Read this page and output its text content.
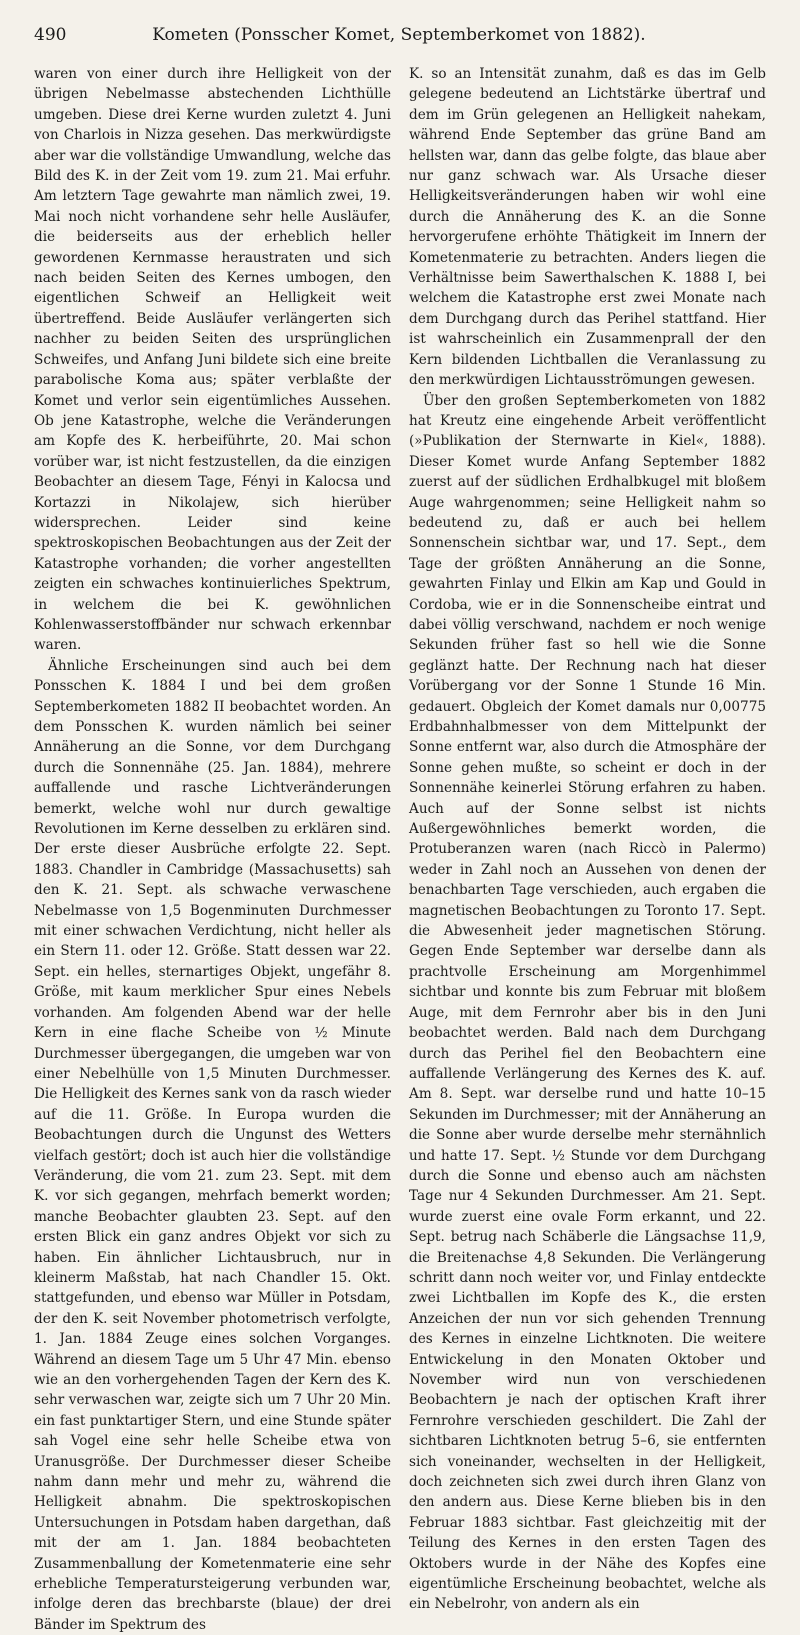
490	Kometen (Ponsscher Komet, Septemberkomet von 1882).

waren von einer durch ihre Helligkeit von der übrigen Nebelmasse abstechenden Lichthülle umgeben. Diese drei Kerne wurden zuletzt 4. Juni von Charlois in Nizza gesehen. Das merkwürdigste aber war die vollständige Umwandlung, welche das Bild des K. in der Zeit vom 19. zum 21. Mai erfuhr. Am letztern Tage gewahrte man nämlich zwei, 19. Mai noch nicht vorhandene sehr helle Ausläufer, die beiderseits aus der erheblich heller gewordenen Kernmasse heraustraten und sich nach beiden Seiten des Kernes umbogen, den eigentlichen Schweif an Helligkeit weit übertreffend. Beide Ausläufer verlängerten sich nachher zu beiden Seiten des ursprünglichen Schweifes, und Anfang Juni bildete sich eine breite parabolische Koma aus; später verblaßte der Komet und verlor sein eigentümliches Aussehen. Ob jene Katastrophe, welche die Veränderungen am Kopfe des K. herbeiführte, 20. Mai schon vorüber war, ist nicht festzustellen, da die einzigen Beobachter an diesem Tage, Fényi in Kalocsa und Kortazzi in Nikolajew, sich hierüber widersprechen. Leider sind keine spektroskopischen Beobachtungen aus der Zeit der Katastrophe vorhanden; die vorher angestellten zeigten ein schwaches kontinuierliches Spektrum, in welchem die bei K. gewöhnlichen Kohlenwasserstoffbänder nur schwach erkennbar waren.

Ähnliche Erscheinungen sind auch bei dem Ponsschen K. 1884 I und bei dem großen Septemberkometen 1882 II beobachtet worden. An dem Ponsschen K. wurden nämlich bei seiner Annäherung an die Sonne, vor dem Durchgang durch die Sonnennähe (25. Jan. 1884), mehrere auffallende und rasche Lichtveränderungen bemerkt, welche wohl nur durch gewaltige Revolutionen im Kerne desselben zu erklären sind. Der erste dieser Ausbrüche erfolgte 22. Sept. 1883. Chandler in Cambridge (Massachusetts) sah den K. 21. Sept. als schwache verwaschene Nebelmasse von 1,5 Bogenminuten Durchmesser mit einer schwachen Verdichtung, nicht heller als ein Stern 11. oder 12. Größe. Statt dessen war 22. Sept. ein helles, sternartiges Objekt, ungefähr 8. Größe, mit kaum merklicher Spur eines Nebels vorhanden. Am folgenden Abend war der helle Kern in eine flache Scheibe von ½ Minute Durchmesser übergegangen, die umgeben war von einer Nebelhülle von 1,5 Minuten Durchmesser. Die Helligkeit des Kernes sank von da rasch wieder auf die 11. Größe. In Europa wurden die Beobachtungen durch die Ungunst des Wetters vielfach gestört; doch ist auch hier die vollständige Veränderung, die vom 21. zum 23. Sept. mit dem K. vor sich gegangen, mehrfach bemerkt worden; manche Beobachter glaubten 23. Sept. auf den ersten Blick ein ganz andres Objekt vor sich zu haben. Ein ähnlicher Lichtausbruch, nur in kleinerm Maßstab, hat nach Chandler 15. Okt. stattgefunden, und ebenso war Müller in Potsdam, der den K. seit November photometrisch verfolgte, 1. Jan. 1884 Zeuge eines solchen Vorganges. Während an diesem Tage um 5 Uhr 47 Min. ebenso wie an den vorhergehenden Tagen der Kern des K. sehr verwaschen war, zeigte sich um 7 Uhr 20 Min. ein fast punktartiger Stern, und eine Stunde später sah Vogel eine sehr helle Scheibe etwa von Uranusgröße. Der Durchmesser dieser Scheibe nahm dann mehr und mehr zu, während die Helligkeit abnahm. Die spektroskopischen Untersuchungen in Potsdam haben dargethan, daß mit der am 1. Jan. 1884 beobachteten Zusammenballung der Kometenmaterie eine sehr erhebliche Temperatursteigerung verbunden war, infolge deren das brechbarste (blaue) der drei Bänder im Spektrum des

K. so an Intensität zunahm, daß es das im Gelb gelegene bedeutend an Lichtstärke übertraf und dem im Grün gelegenen an Helligkeit nahekam, während Ende September das grüne Band am hellsten war, dann das gelbe folgte, das blaue aber nur ganz schwach war. Als Ursache dieser Helligkeitsveränderungen haben wir wohl eine durch die Annäherung des K. an die Sonne hervorgerufene erhöhte Thätigkeit im Innern der Kometenmaterie zu betrachten. Anders liegen die Verhältnisse beim Sawerthalschen K. 1888 I, bei welchem die Katastrophe erst zwei Monate nach dem Durchgang durch das Perihel stattfand. Hier ist wahrscheinlich ein Zusammenprall der den Kern bildenden Lichtballen die Veranlassung zu den merkwürdigen Lichtausströmungen gewesen.

Über den großen Septemberkometen von 1882 hat Kreutz eine eingehende Arbeit veröffentlicht (»Publikation der Sternwarte in Kiel«, 1888). Dieser Komet wurde Anfang September 1882 zuerst auf der südlichen Erdhalbkugel mit bloßem Auge wahrgenommen; seine Helligkeit nahm so bedeutend zu, daß er auch bei hellem Sonnenschein sichtbar war, und 17. Sept., dem Tage der größten Annäherung an die Sonne, gewahrten Finlay und Elkin am Kap und Gould in Cordoba, wie er in die Sonnenscheibe eintrat und dabei völlig verschwand, nachdem er noch wenige Sekunden früher fast so hell wie die Sonne geglänzt hatte. Der Rechnung nach hat dieser Vorübergang vor der Sonne 1 Stunde 16 Min. gedauert. Obgleich der Komet damals nur 0,00775 Erdbahnhalbmesser von dem Mittelpunkt der Sonne entfernt war, also durch die Atmosphäre der Sonne gehen mußte, so scheint er doch in der Sonnennähe keinerlei Störung erfahren zu haben. Auch auf der Sonne selbst ist nichts Außergewöhnliches bemerkt worden, die Protuberanzen waren (nach Riccò in Palermo) weder in Zahl noch an Aussehen von denen der benachbarten Tage verschieden, auch ergaben die magnetischen Beobachtungen zu Toronto 17. Sept. die Abwesenheit jeder magnetischen Störung. Gegen Ende September war derselbe dann als prachtvolle Erscheinung am Morgenhimmel sichtbar und konnte bis zum Februar mit bloßem Auge, mit dem Fernrohr aber bis in den Juni beobachtet werden. Bald nach dem Durchgang durch das Perihel fiel den Beobachtern eine auffallende Verlängerung des Kernes des K. auf. Am 8. Sept. war derselbe rund und hatte 10–15 Sekunden im Durchmesser; mit der Annäherung an die Sonne aber wurde derselbe mehr sternähnlich und hatte 17. Sept. ½ Stunde vor dem Durchgang durch die Sonne und ebenso auch am nächsten Tage nur 4 Sekunden Durchmesser. Am 21. Sept. wurde zuerst eine ovale Form erkannt, und 22. Sept. betrug nach Schäberle die Längsachse 11,9, die Breitenachse 4,8 Sekunden. Die Verlängerung schritt dann noch weiter vor, und Finlay entdeckte zwei Lichtballen im Kopfe des K., die ersten Anzeichen der nun vor sich gehenden Trennung des Kernes in einzelne Lichtknoten. Die weitere Entwickelung in den Monaten Oktober und November wird nun von verschiedenen Beobachtern je nach der optischen Kraft ihrer Fernrohre verschieden geschildert. Die Zahl der sichtbaren Lichtknoten betrug 5–6, sie entfernten sich voneinander, wechselten in der Helligkeit, doch zeichneten sich zwei durch ihren Glanz von den andern aus. Diese Kerne blieben bis in den Februar 1883 sichtbar. Fast gleichzeitig mit der Teilung des Kernes in den ersten Tagen des Oktobers wurde in der Nähe des Kopfes eine eigentümliche Erscheinung beobachtet, welche als ein Nebelrohr, von andern als ein
